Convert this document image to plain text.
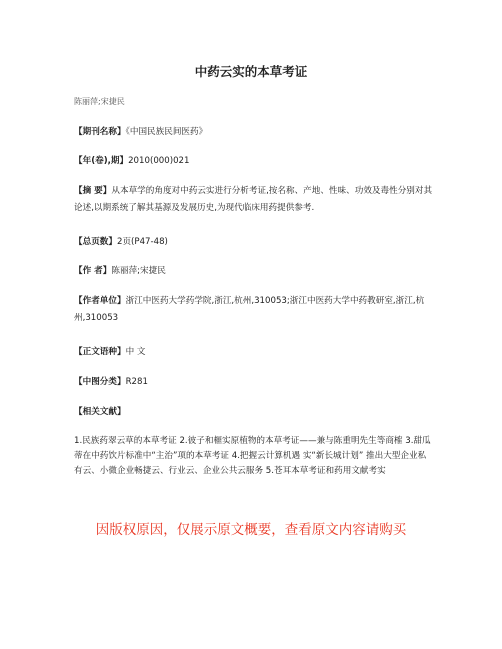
中药云实的本草考证
陈丽萍;宋捷民
【期刊名称】《中国民族民间医药》
【年(卷),期】2010(000)021
【摘 要】从本草学的角度对中药云实进行分析考证,按名称、产地、性味、功效及毒性分别对其论述,以期系统了解其基源及发展历史,为现代临床用药提供参考.
【总页数】2页(P47-48)
【作 者】陈丽萍;宋捷民
【作者单位】浙江中医药大学药学院,浙江,杭州,310053;浙江中医药大学中药教研室,浙江,杭州,310053
【正文语种】中 文
【中图分类】R281
【相关文献】
1.民族药翠云草的本草考证 2.彼子和榧实原植物的本草考证——兼与陈重明先生等商榷 3.甜瓜蒂在中药饮片标准中“主治”项的本草考证 4.把握云计算机遇 实“新长城计划” 推出大型企业私有云、小微企业畅捷云、行业云、企业公共云服务 5.苍耳本草考证和药用文献考实
因版权原因，仅展示原文概要，查看原文内容请购买
